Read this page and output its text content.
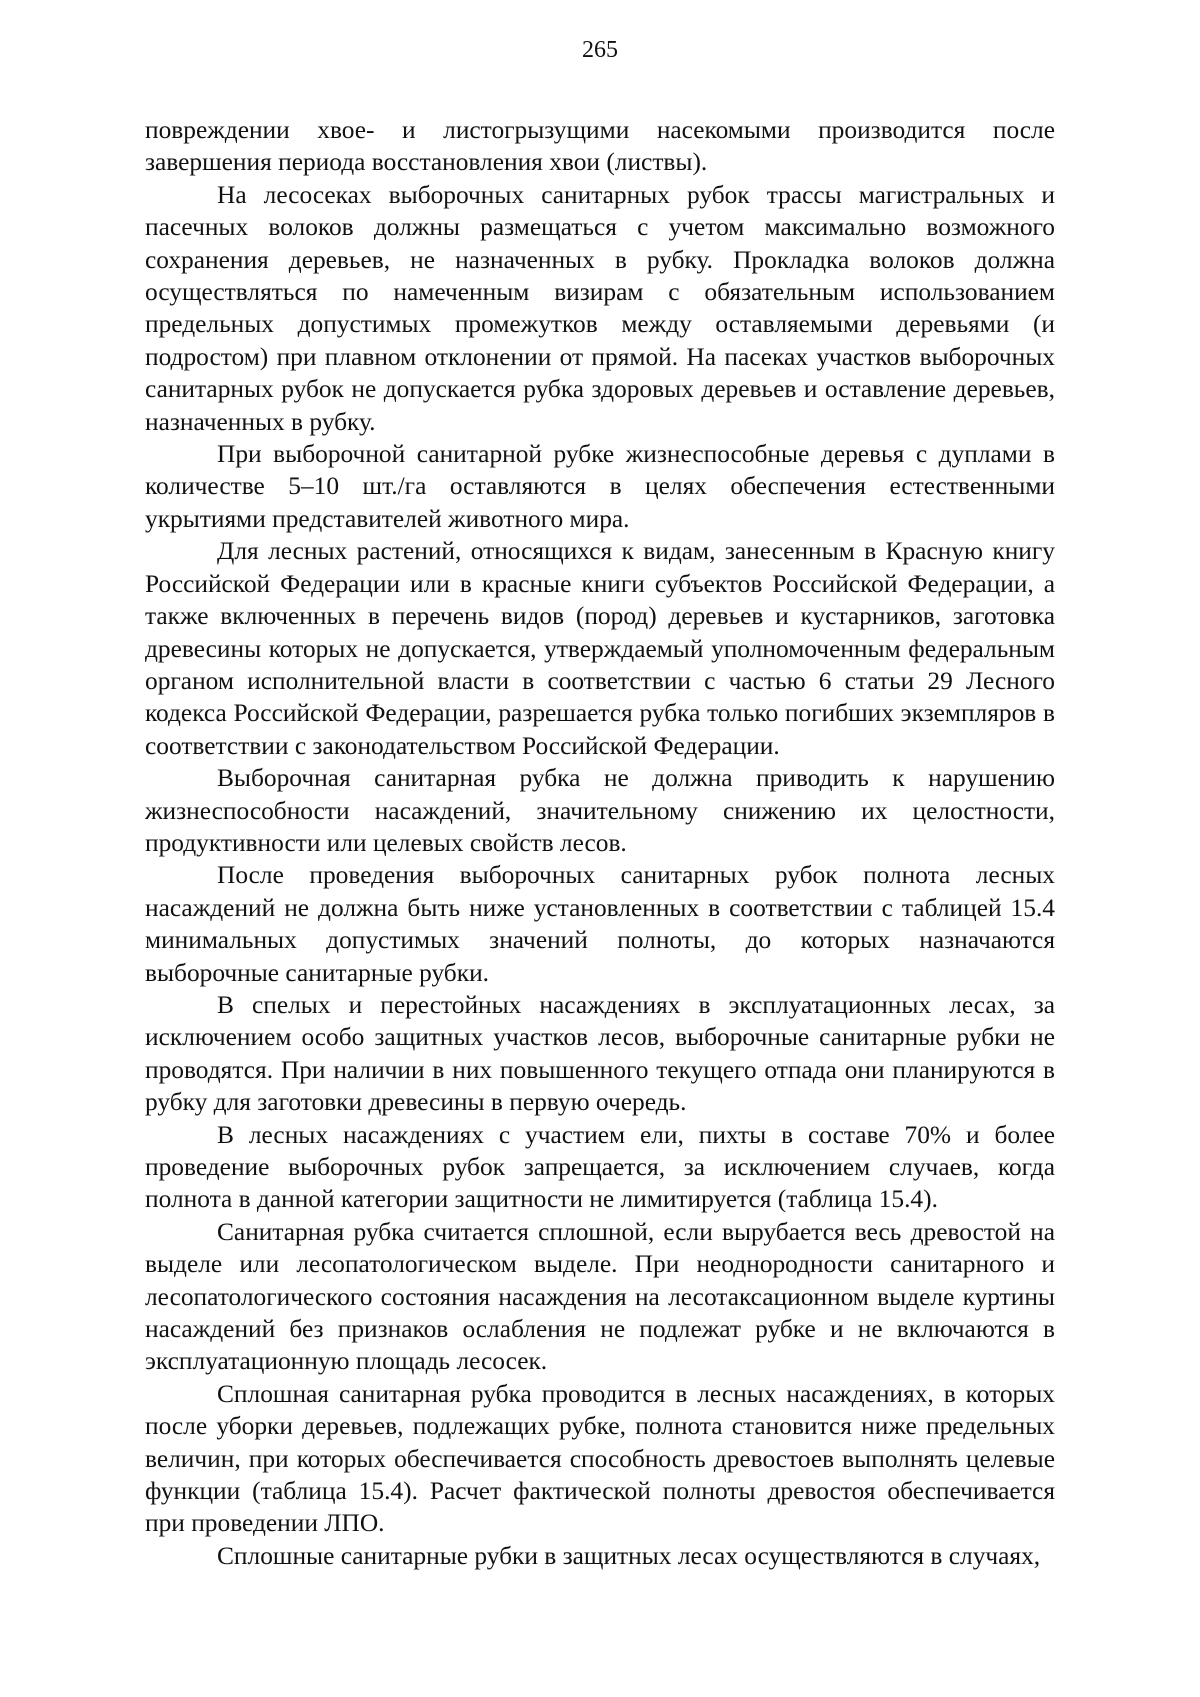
265

повреждении хвое- и листогрызущими насекомыми производится после завершения периода восстановления хвои (листвы).

На лесосеках выборочных санитарных рубок трассы магистральных и пасечных волоков должны размещаться с учетом максимально возможного сохранения деревьев, не назначенных в рубку. Прокладка волоков должна осуществляться по намеченным визирам с обязательным использованием предельных допустимых промежутков между оставляемыми деревьями (и подростом) при плавном отклонении от прямой. На пасеках участков выборочных санитарных рубок не допускается рубка здоровых деревьев и оставление деревьев, назначенных в рубку.

При выборочной санитарной рубке жизнеспособные деревья с дуплами в количестве 5–10 шт./га оставляются в целях обеспечения естественными укрытиями представителей животного мира.

Для лесных растений, относящихся к видам, занесенным в Красную книгу Российской Федерации или в красные книги субъектов Российской Федерации, а также включенных в перечень видов (пород) деревьев и кустарников, заготовка древесины которых не допускается, утверждаемый уполномоченным федеральным органом исполнительной власти в соответствии с частью 6 статьи 29 Лесного кодекса Российской Федерации, разрешается рубка только погибших экземпляров в соответствии с законодательством Российской Федерации.

Выборочная санитарная рубка не должна приводить к нарушению жизнеспособности насаждений, значительному снижению их целостности, продуктивности или целевых свойств лесов.

После проведения выборочных санитарных рубок полнота лесных насаждений не должна быть ниже установленных в соответствии с таблицей 15.4 минимальных допустимых значений полноты, до которых назначаются выборочные санитарные рубки.

В спелых и перестойных насаждениях в эксплуатационных лесах, за исключением особо защитных участков лесов, выборочные санитарные рубки не проводятся. При наличии в них повышенного текущего отпада они планируются в рубку для заготовки древесины в первую очередь.

В лесных насаждениях с участием ели, пихты в составе 70% и более проведение выборочных рубок запрещается, за исключением случаев, когда полнота в данной категории защитности не лимитируется (таблица 15.4).

Санитарная рубка считается сплошной, если вырубается весь древостой на выделе или лесопатологическом выделе. При неоднородности санитарного и лесопатологического состояния насаждения на лесотаксационном выделе куртины насаждений без признаков ослабления не подлежат рубке и не включаются в эксплуатационную площадь лесосек.

Сплошная санитарная рубка проводится в лесных насаждениях, в которых после уборки деревьев, подлежащих рубке, полнота становится ниже предельных величин, при которых обеспечивается способность древостоев выполнять целевые функции (таблица 15.4). Расчет фактической полноты древостоя обеспечивается при проведении ЛПО.

Сплошные санитарные рубки в защитных лесах осуществляются в случаях,
